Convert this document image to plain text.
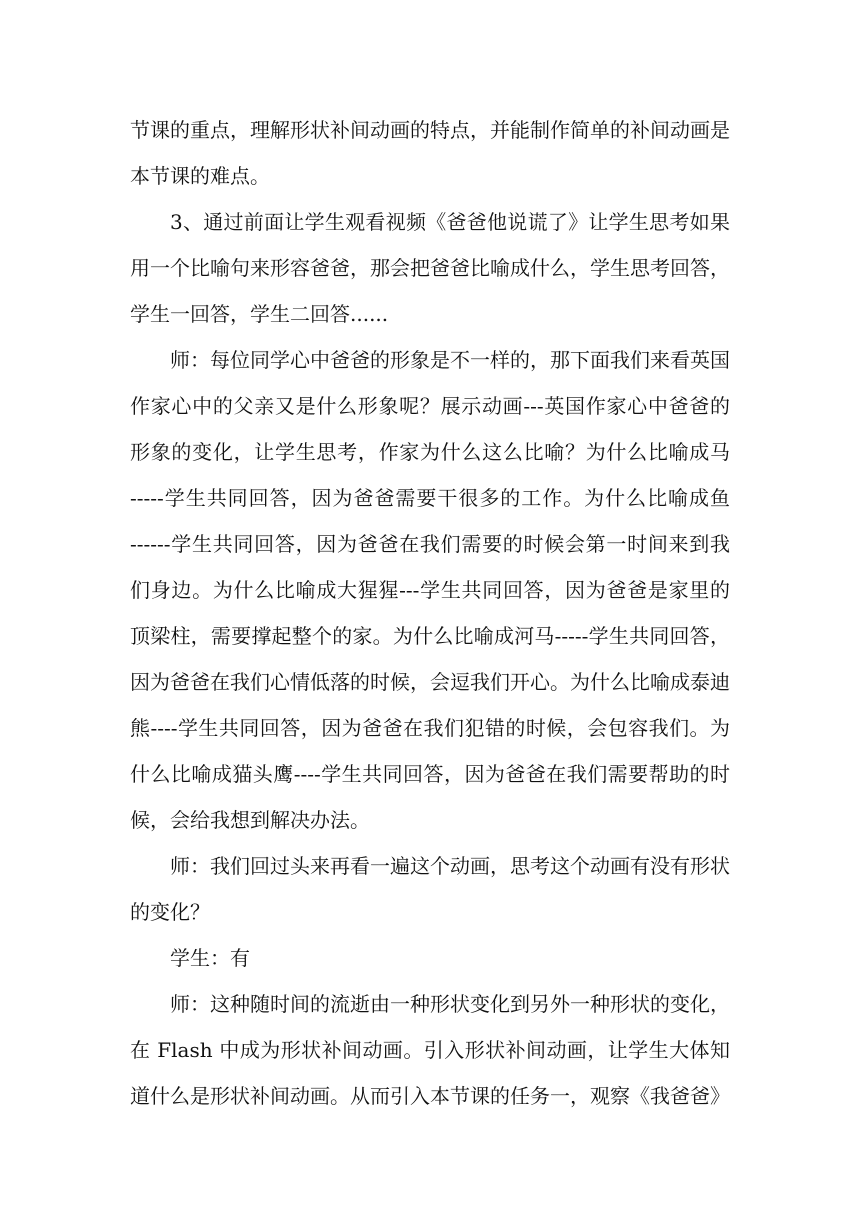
节课的重点，理解形状补间动画的特点，并能制作简单的补间动画是
本节课的难点。
3、通过前面让学生观看视频《爸爸他说谎了》让学生思考如果
用一个比喻句来形容爸爸，那会把爸爸比喻成什么，学生思考回答，
学生一回答，学生二回答......
师：每位同学心中爸爸的形象是不一样的，那下面我们来看英国
作家心中的父亲又是什么形象呢？展示动画---英国作家心中爸爸的
形象的变化，让学生思考，作家为什么这么比喻？为什么比喻成马
-----学生共同回答，因为爸爸需要干很多的工作。为什么比喻成鱼
------学生共同回答，因为爸爸在我们需要的时候会第一时间来到我
们身边。为什么比喻成大猩猩---学生共同回答，因为爸爸是家里的
顶梁柱，需要撑起整个的家。为什么比喻成河马-----学生共同回答，
因为爸爸在我们心情低落的时候，会逗我们开心。为什么比喻成泰迪
熊----学生共同回答，因为爸爸在我们犯错的时候，会包容我们。为
什么比喻成猫头鹰----学生共同回答，因为爸爸在我们需要帮助的时
候，会给我想到解决办法。
师：我们回过头来再看一遍这个动画，思考这个动画有没有形状
的变化？
学生：有
师：这种随时间的流逝由一种形状变化到另外一种形状的变化，
在 Flash 中成为形状补间动画。引入形状补间动画，让学生大体知
道什么是形状补间动画。从而引入本节课的任务一，观察《我爸爸》
